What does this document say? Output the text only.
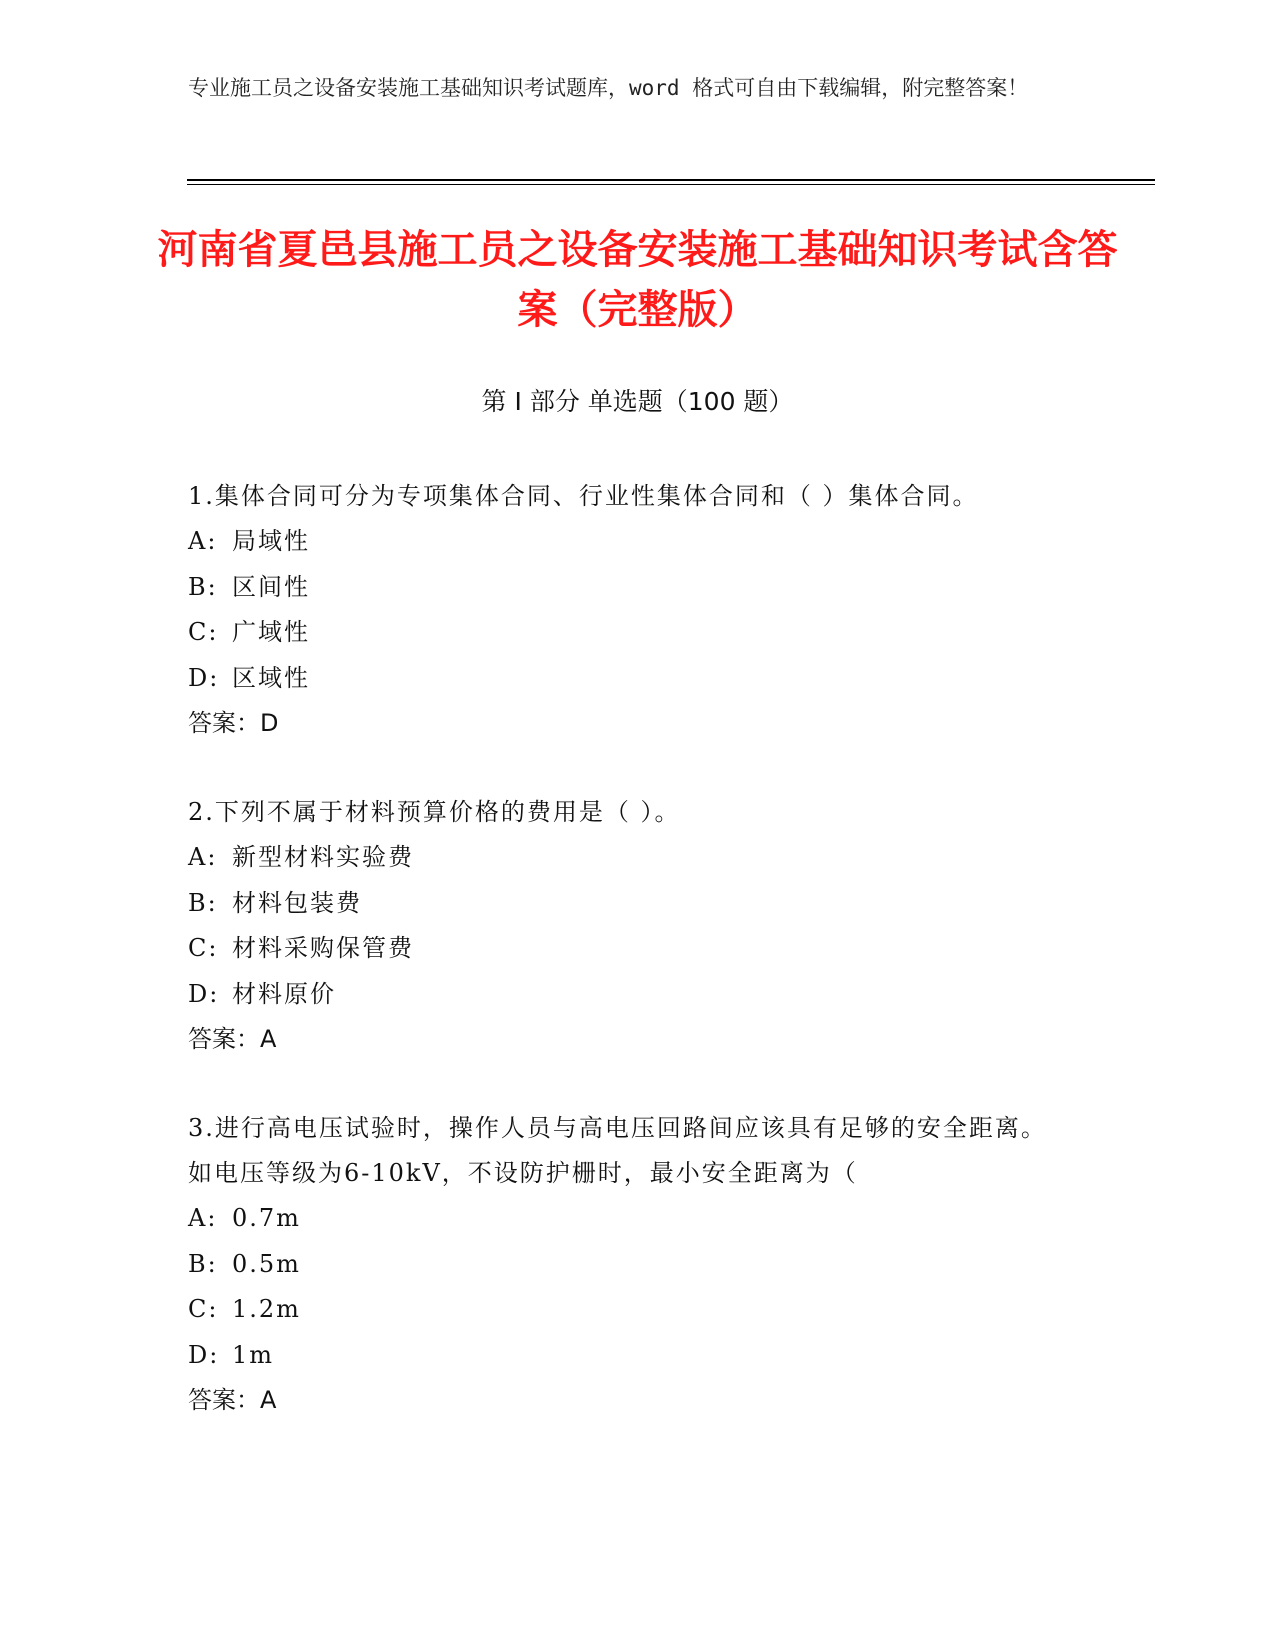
专业施工员之设备安装施工基础知识考试题库，word 格式可自由下载编辑，附完整答案！
河南省夏邑县施工员之设备安装施工基础知识考试含答案（完整版）
第 I 部分 单选题（100 题）
1.集体合同可分为专项集体合同、行业性集体合同和（ ）集体合同。
A: 局域性
B: 区间性
C: 广域性
D: 区域性
答案：D
2.下列不属于材料预算价格的费用是（ ）。
A: 新型材料实验费
B: 材料包装费
C: 材料采购保管费
D: 材料原价
答案：A
3.进行高电压试验时，操作人员与高电压回路间应该具有足够的安全距离。如电压等级为6-10kV，不设防护栅时，最小安全距离为（
A: 0.7m
B: 0.5m
C: 1.2m
D: 1m
答案：A
